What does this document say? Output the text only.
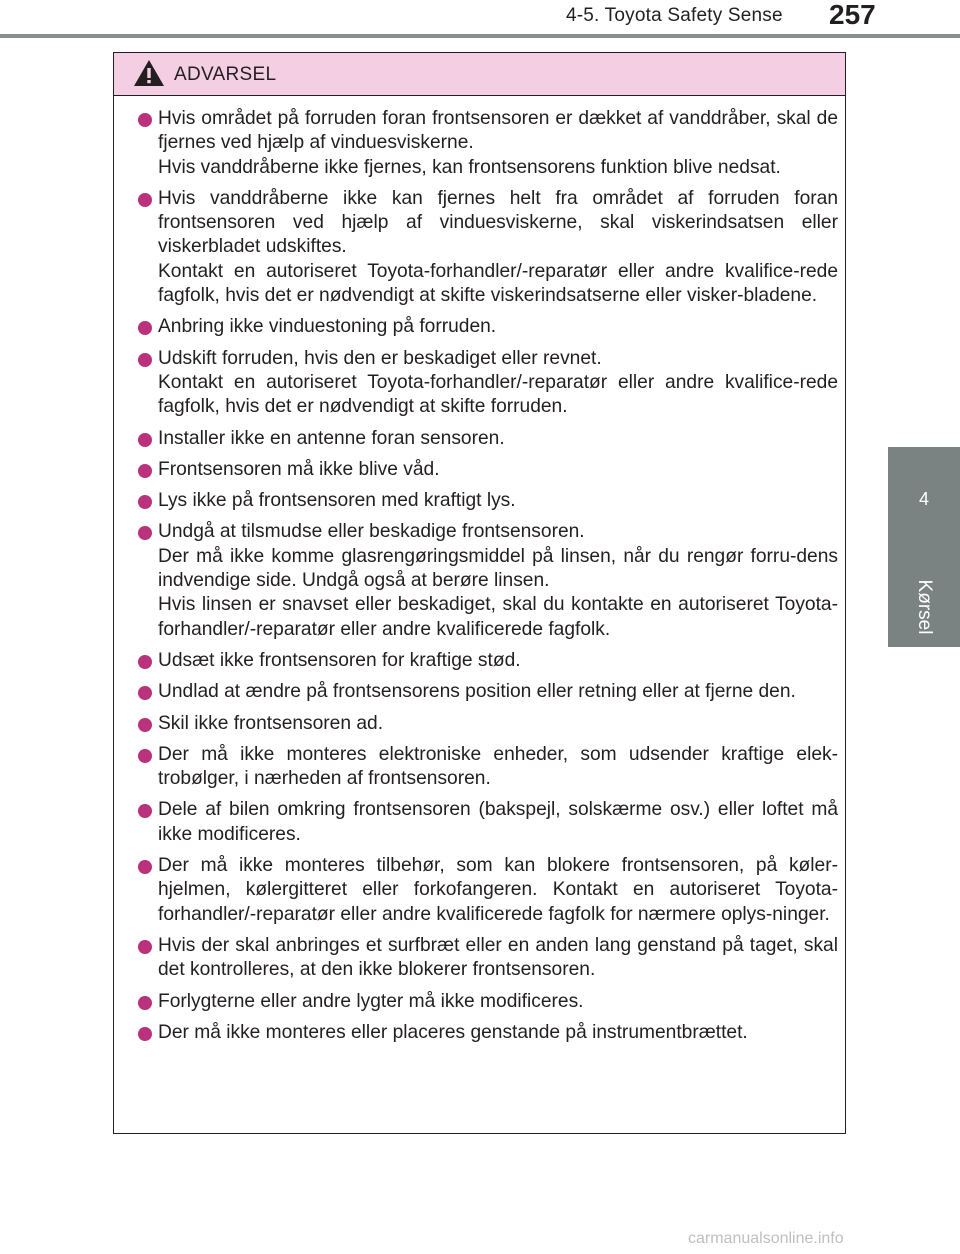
4-5. Toyota Safety Sense 257
4
Kørsel
ADVARSEL

Hvis området på forruden foran frontsensoren er dækket af vanddråber, skal de fjernes ved hjælp af vinduesviskerne.

Hvis vanddråberne ikke fjernes, kan frontsensorens funktion blive nedsat.

Hvis vanddråberne ikke kan fjernes helt fra området af forruden foran frontsensoren ved hjælp af vinduesviskerne, skal viskerindsatsen eller viskerbladet udskiftes.

Kontakt en autoriseret Toyota-forhandler/-reparatør eller andre kvalifice-rede fagfolk, hvis det er nødvendigt at skifte viskerindsatserne eller visker-bladene.

Anbring ikke vinduestoning på forruden.

Udskift forruden, hvis den er beskadiget eller revnet.

Kontakt en autoriseret Toyota-forhandler/-reparatør eller andre kvalifice-rede fagfolk, hvis det er nødvendigt at skifte forruden.

Installer ikke en antenne foran sensoren.

Frontsensoren må ikke blive våd.

Lys ikke på frontsensoren med kraftigt lys.

Undgå at tilsmudse eller beskadige frontsensoren.

Der må ikke komme glasrengøringsmiddel på linsen, når du rengør forru-dens indvendige side. Undgå også at berøre linsen.

Hvis linsen er snavset eller beskadiget, skal du kontakte en autoriseret Toyota-forhandler/-reparatør eller andre kvalificerede fagfolk.

Udsæt ikke frontsensoren for kraftige stød.

Undlad at ændre på frontsensorens position eller retning eller at fjerne den.

Skil ikke frontsensoren ad.

Der må ikke monteres elektroniske enheder, som udsender kraftige elek-trobølger, i nærheden af frontsensoren.

Dele af bilen omkring frontsensoren (bakspejl, solskærme osv.) eller loftet må ikke modificeres.

Der må ikke monteres tilbehør, som kan blokere frontsensoren, på køler-hjelmen, kølergitteret eller forkofangeren. Kontakt en autoriseret Toyota-forhandler/-reparatør eller andre kvalificerede fagfolk for nærmere oplys-ninger.

Hvis der skal anbringes et surfbræt eller en anden lang genstand på taget, skal det kontrolleres, at den ikke blokerer frontsensoren.

Forlygterne eller andre lygter må ikke modificeres.

Der må ikke monteres eller placeres genstande på instrumentbrættet.

carmanualsonline.info
